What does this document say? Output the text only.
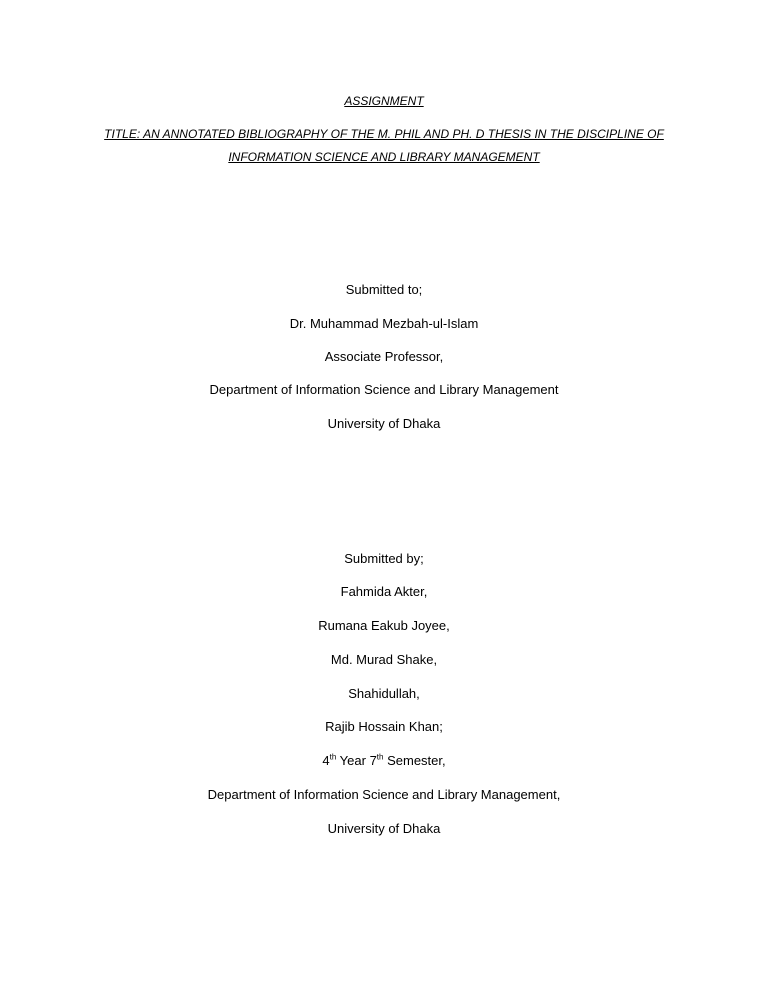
ASSIGNMENT
TITLE: AN ANNOTATED BIBLIOGRAPHY OF THE M. PHIL AND PH. D THESIS IN THE DISCIPLINE OF
INFORMATION SCIENCE AND LIBRARY MANAGEMENT
Submitted to;
Dr. Muhammad Mezbah-ul-Islam
Associate Professor,
Department of Information Science and Library Management
University of Dhaka
Submitted by;
Fahmida Akter,
Rumana Eakub Joyee,
Md. Murad Shake,
Shahidullah,
Rajib Hossain Khan;
4th Year 7th Semester,
Department of Information Science and Library Management,
University of Dhaka
